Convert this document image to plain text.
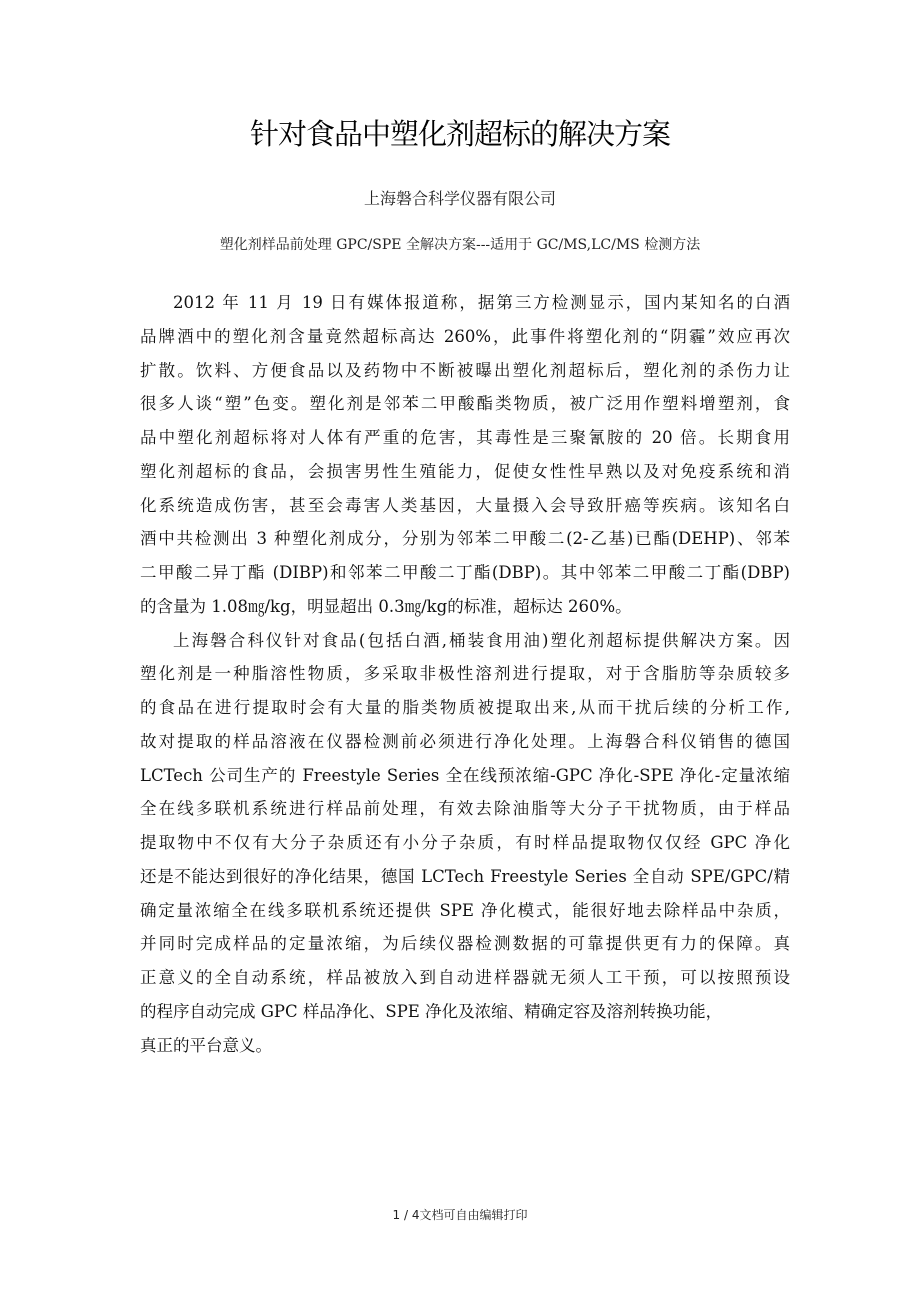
针对食品中塑化剂超标的解决方案
上海磐合科学仪器有限公司
塑化剂样品前处理 GPC/SPE 全解决方案---适用于 GC/MS,LC/MS 检测方法
2012 年 11 月 19 日有媒体报道称，据第三方检测显示，国内某知名的白酒
品牌酒中的塑化剂含量竟然超标高达 260%，此事件将塑化剂的“阴霾”效应再次
扩散。饮料、方便食品以及药物中不断被曝出塑化剂超标后，塑化剂的杀伤力让
很多人谈“塑”色变。塑化剂是邻苯二甲酸酯类物质，被广泛用作塑料增塑剂，食
品中塑化剂超标将对人体有严重的危害，其毒性是三聚氰胺的 20 倍。长期食用
塑化剂超标的食品，会损害男性生殖能力，促使女性性早熟以及对免疫系统和消
化系统造成伤害，甚至会毒害人类基因，大量摄入会导致肝癌等疾病。该知名白
酒中共检测出 3 种塑化剂成分，分别为邻苯二甲酸二(2-乙基)已酯(DEHP)、邻苯
二甲酸二异丁酯 (DIBP)和邻苯二甲酸二丁酯(DBP)。其中邻苯二甲酸二丁酯(DBP)
的含量为 1.08㎎/kg，明显超出 0.3㎎/kg的标准，超标达 260%。
上海磐合科仪针对食品(包括白酒,桶装食用油)塑化剂超标提供解决方案。因
塑化剂是一种脂溶性物质，多采取非极性溶剂进行提取，对于含脂肪等杂质较多
的食品在进行提取时会有大量的脂类物质被提取出来,从而干扰后续的分析工作,
故对提取的样品溶液在仪器检测前必须进行净化处理。上海磐合科仪销售的德国
LCTech 公司生产的 Freestyle Series 全在线预浓缩-GPC 净化-SPE 净化-定量浓缩
全在线多联机系统进行样品前处理，有效去除油脂等大分子干扰物质，由于样品
提取物中不仅有大分子杂质还有小分子杂质，有时样品提取物仅仅经 GPC 净化
还是不能达到很好的净化结果，德国 LCTech Freestyle Series 全自动 SPE/GPC/精
确定量浓缩全在线多联机系统还提供 SPE 净化模式，能很好地去除样品中杂质，
并同时完成样品的定量浓缩，为后续仪器检测数据的可靠提供更有力的保障。真
正意义的全自动系统，样品被放入到自动进样器就无须人工干预，可以按照预设
的程序自动完成 GPC 样品净化、SPE 净化及浓缩、精确定容及溶剂转换功能，
真正的平台意义。
1 / 4文档可自由编辑打印
